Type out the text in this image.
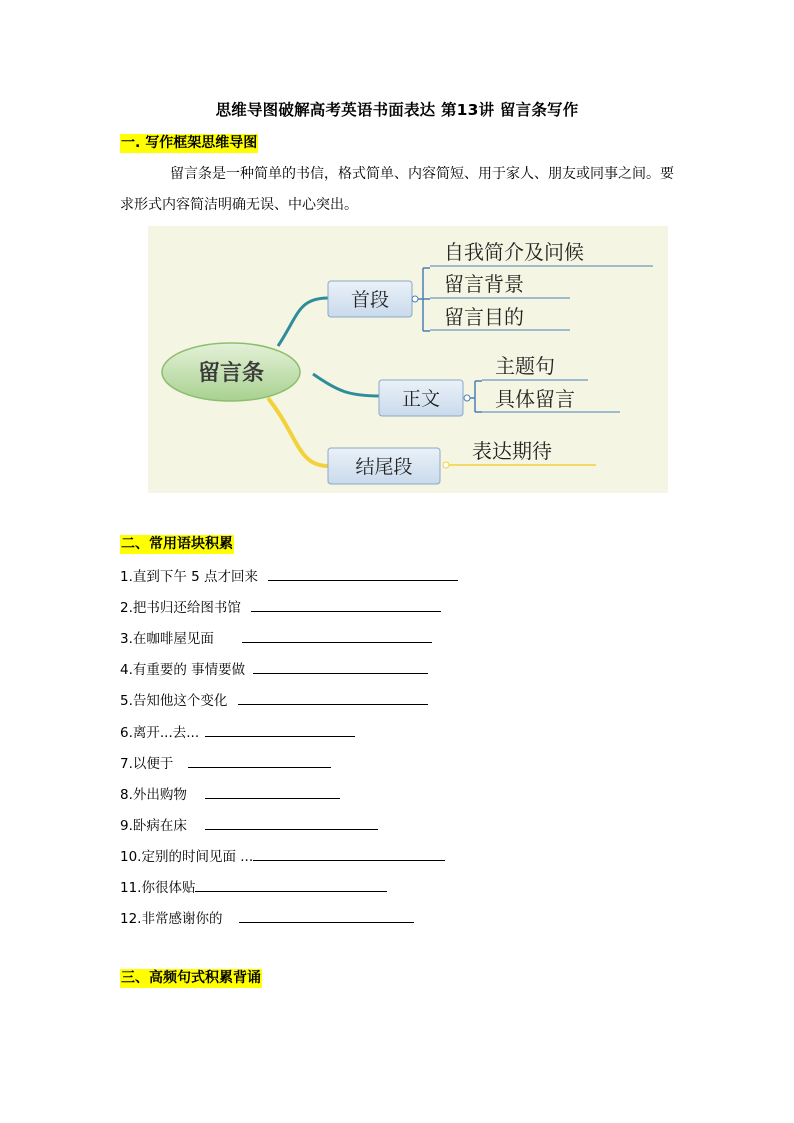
思维导图破解高考英语书面表达 第13讲 留言条写作
一. 写作框架思维导图
留言条是一种简单的书信，格式简单、内容简短、用于家人、朋友或同事之间。要求形式内容简洁明确无误、中心突出。
留言条
首段
自我简介及问候
留言背景
留言目的
正文
主题句
具体留言
结尾段
表达期待
二、常用语块积累
1.直到下午 5 点才回来
2.把书归还给图书馆
3.在咖啡屋见面
4.有重要的 事情要做
5.告知他这个变化
6.离开...去...
7.以便于
8.外出购物
9.卧病在床
10.定别的时间见面 ...
11.你很体贴
12.非常感谢你的
三、高频句式积累背诵
